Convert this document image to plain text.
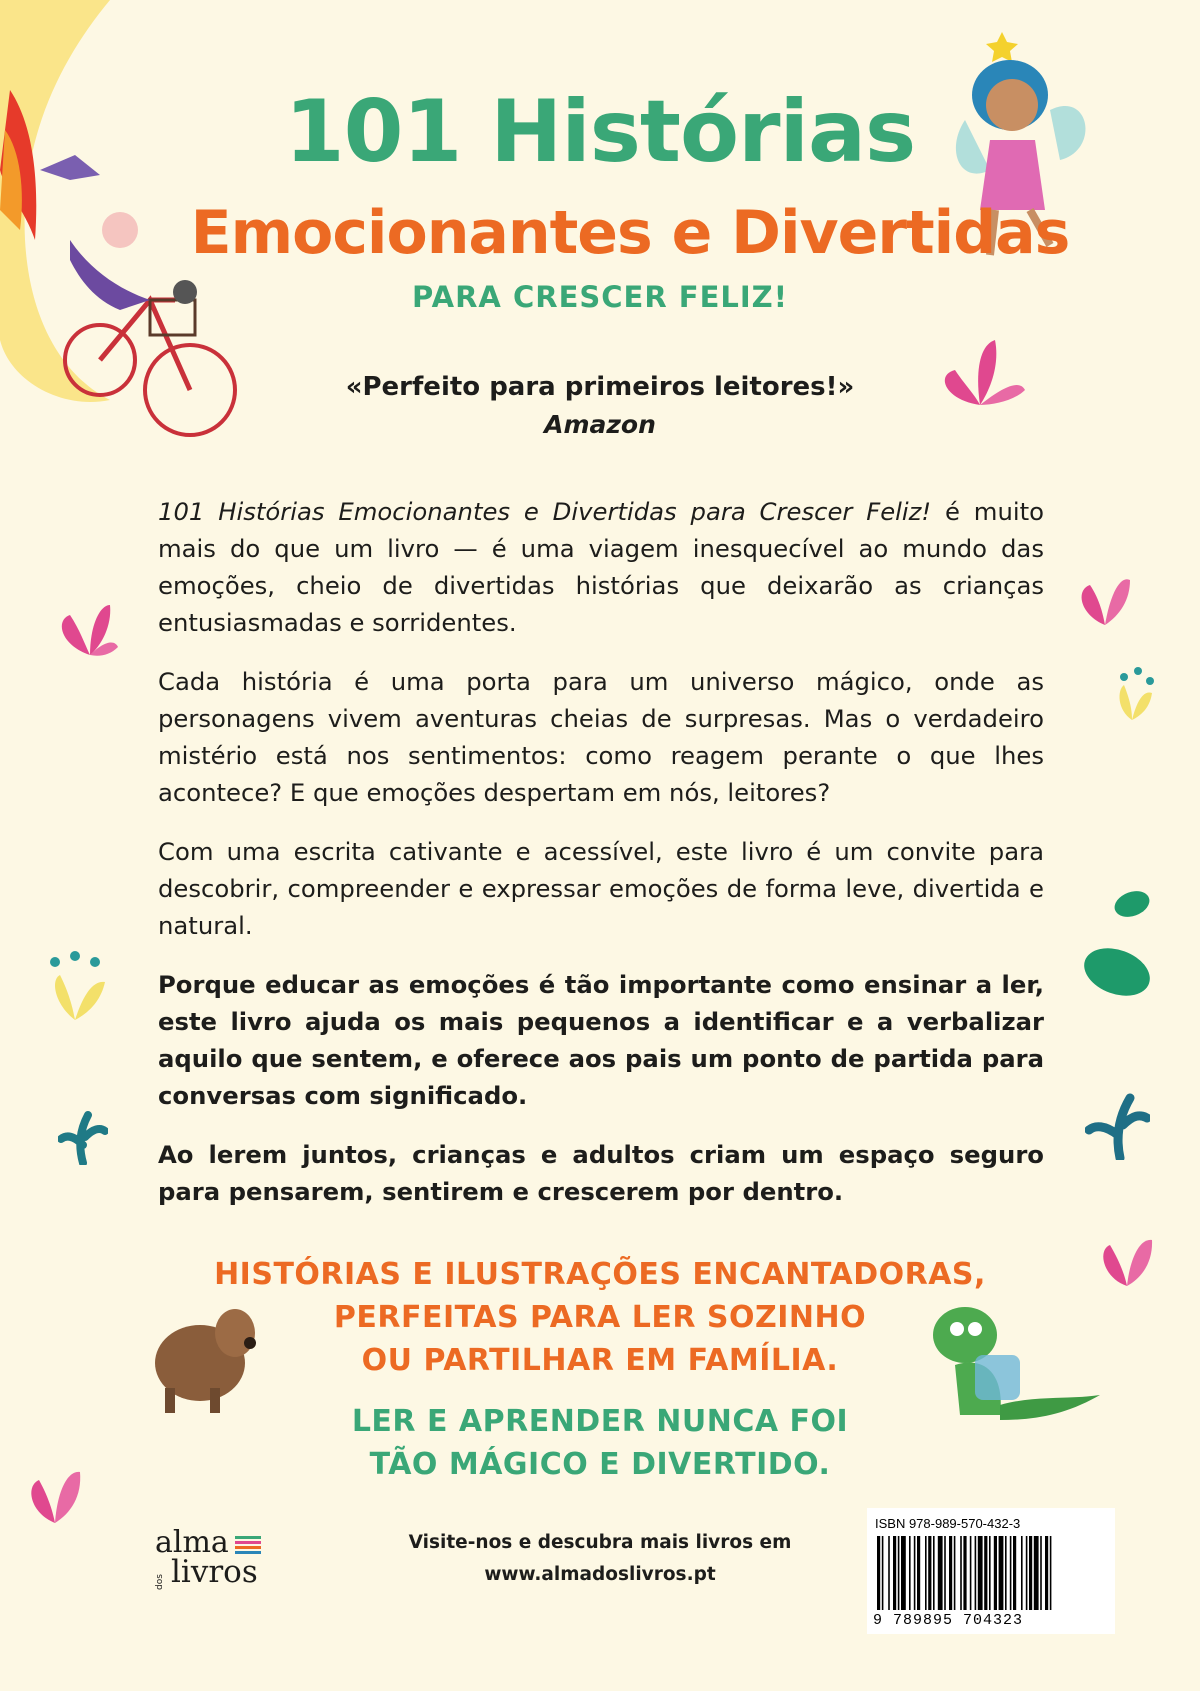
101 Histórias
Emocionantes e Divertidas
PARA CRESCER FELIZ!
«Perfeito para primeiros leitores!»
Amazon

101 Histórias Emocionantes e Divertidas para Crescer Feliz! é muito mais do que um livro — é uma viagem inesquecível ao mundo das emoções, cheio de divertidas histórias que deixarão as crianças entusiasmadas e sorridentes.

Cada história é uma porta para um universo mágico, onde as personagens vivem aventuras cheias de surpresas. Mas o verdadeiro mistério está nos sentimentos: como reagem perante o que lhes acontece? E que emoções despertam em nós, leitores?

Com uma escrita cativante e acessível, este livro é um convite para descobrir, compreender e expressar emoções de forma leve, divertida e natural.

Porque educar as emoções é tão importante como ensinar a ler, este livro ajuda os mais pequenos a identificar e a verbalizar aquilo que sentem, e oferece aos pais um ponto de partida para conversas com significado.

Ao lerem juntos, crianças e adultos criam um espaço seguro para pensarem, sentirem e crescerem por dentro.

HISTÓRIAS E ILUSTRAÇÕES ENCANTADORAS,
PERFEITAS PARA LER SOZINHO
OU PARTILHAR EM FAMÍLIA.
LER E APRENDER NUNCA FOI
TÃO MÁGICO E DIVERTIDO.
alma
dos livros
Visite-nos e descubra mais livros em
www.almadoslivros.pt
ISBN 978-989-570-432-3
9 789895 704323
